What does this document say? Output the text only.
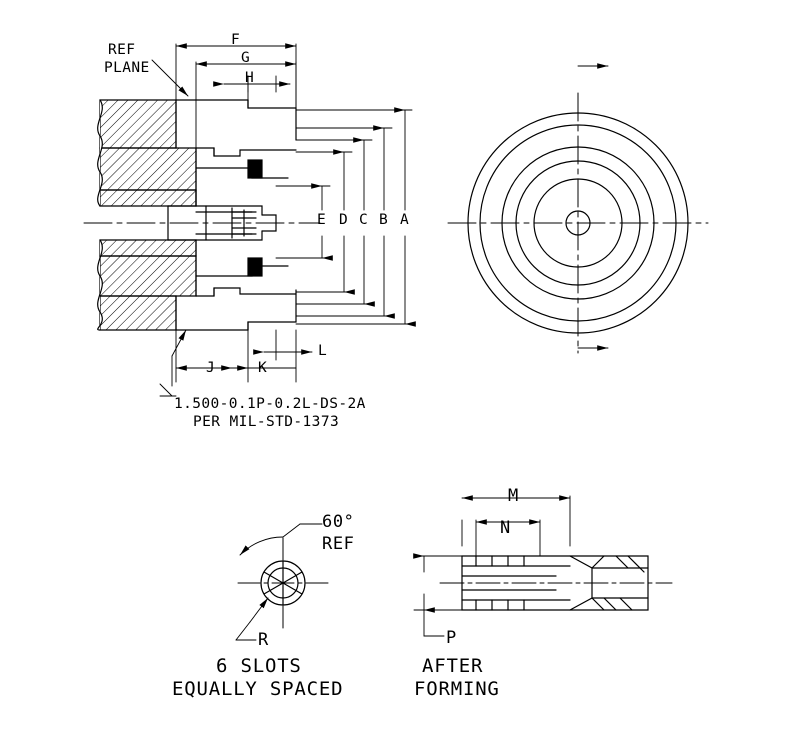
REF
PLANE
F
G
H
E D C B A
J	K
L
1.500-0.1P-0.2L-DS-2A
PER MIL-STD-1373
60°
REF
R
6 SLOTS
EQUALLY SPACED
M
N
P
AFTER
FORMING
